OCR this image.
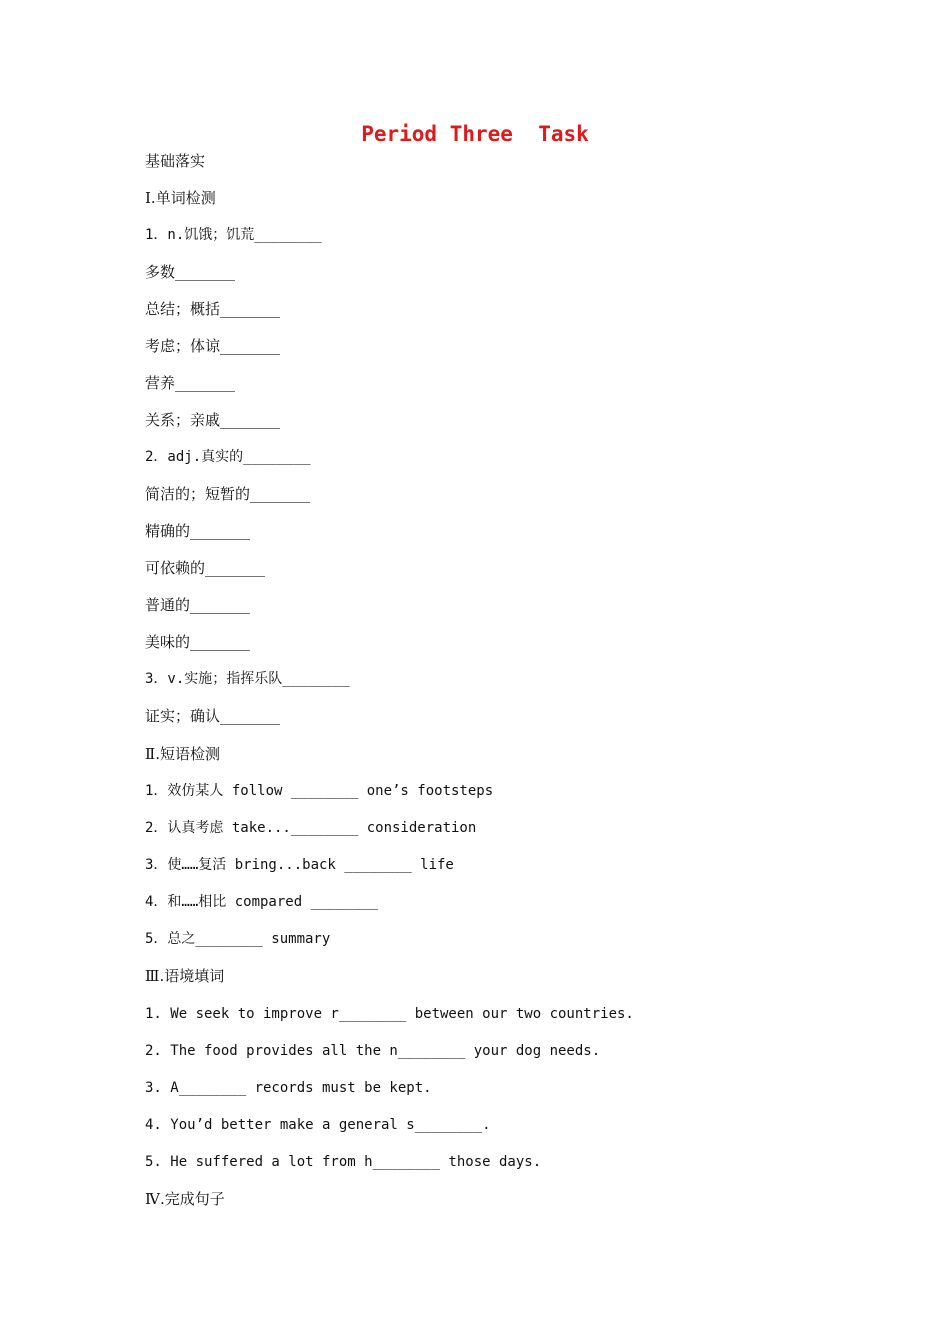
Period Three  Task
基础落实
Ⅰ.单词检测
1．n.饥饿；饥荒________
多数________
总结；概括________
考虑；体谅________
营养________
关系；亲戚________
2．adj.真实的________
简洁的；短暂的________
精确的________
可依赖的________
普通的________
美味的________
3．v.实施；指挥乐队________
证实；确认________
Ⅱ.短语检测
1．效仿某人 follow ________ one’s footsteps
2．认真考虑 take...________ consideration
3．使……复活 bring...back ________ life
4．和……相比 compared ________
5．总之________ summary
Ⅲ.语境填词
1. We seek to improve r________ between our two countries.
2. The food provides all the n________ your dog needs.
3. A________ records must be kept.
4. You’d better make a general s________.
5. He suffered a lot from h________ those days.
Ⅳ.完成句子
